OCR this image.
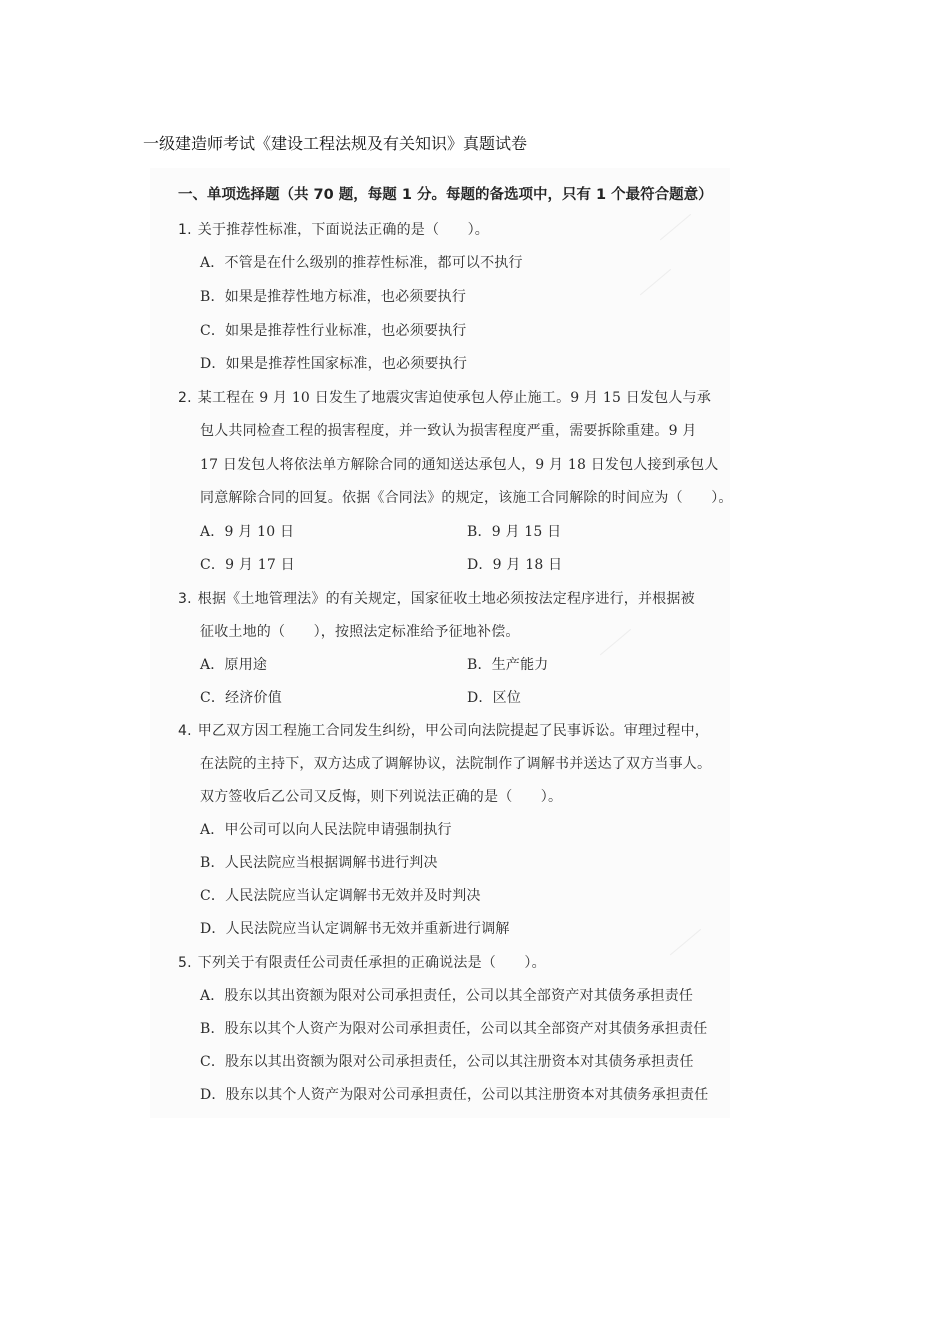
一级建造师考试《建设工程法规及有关知识》真题试卷
一、单项选择题（共 70 题，每题 1 分。每题的备选项中，只有 1 个最符合题意）
1. 关于推荐性标准，下面说法正确的是（　　）。
A．不管是在什么级别的推荐性标准，都可以不执行
B．如果是推荐性地方标准，也必须要执行
C．如果是推荐性行业标准，也必须要执行
D．如果是推荐性国家标准，也必须要执行
2. 某工程在 9 月 10 日发生了地震灾害迫使承包人停止施工。9 月 15 日发包人与承
包人共同检查工程的损害程度，并一致认为损害程度严重，需要拆除重建。9 月
17 日发包人将依法单方解除合同的通知送达承包人，9 月 18 日发包人接到承包人
同意解除合同的回复。依据《合同法》的规定，该施工合同解除的时间应为（　　）。
A．9 月 10 日	B．9 月 15 日
C．9 月 17 日	D．9 月 18 日
3. 根据《土地管理法》的有关规定，国家征收土地必须按法定程序进行，并根据被
征收土地的（　　），按照法定标准给予征地补偿。
A．原用途	B．生产能力
C．经济价值	D．区位
4. 甲乙双方因工程施工合同发生纠纷，甲公司向法院提起了民事诉讼。审理过程中，
在法院的主持下，双方达成了调解协议，法院制作了调解书并送达了双方当事人。
双方签收后乙公司又反悔，则下列说法正确的是（　　）。
A．甲公司可以向人民法院申请强制执行
B．人民法院应当根据调解书进行判决
C．人民法院应当认定调解书无效并及时判决
D．人民法院应当认定调解书无效并重新进行调解
5. 下列关于有限责任公司责任承担的正确说法是（　　）。
A．股东以其出资额为限对公司承担责任，公司以其全部资产对其债务承担责任
B．股东以其个人资产为限对公司承担责任，公司以其全部资产对其债务承担责任
C．股东以其出资额为限对公司承担责任，公司以其注册资本对其债务承担责任
D．股东以其个人资产为限对公司承担责任，公司以其注册资本对其债务承担责任
